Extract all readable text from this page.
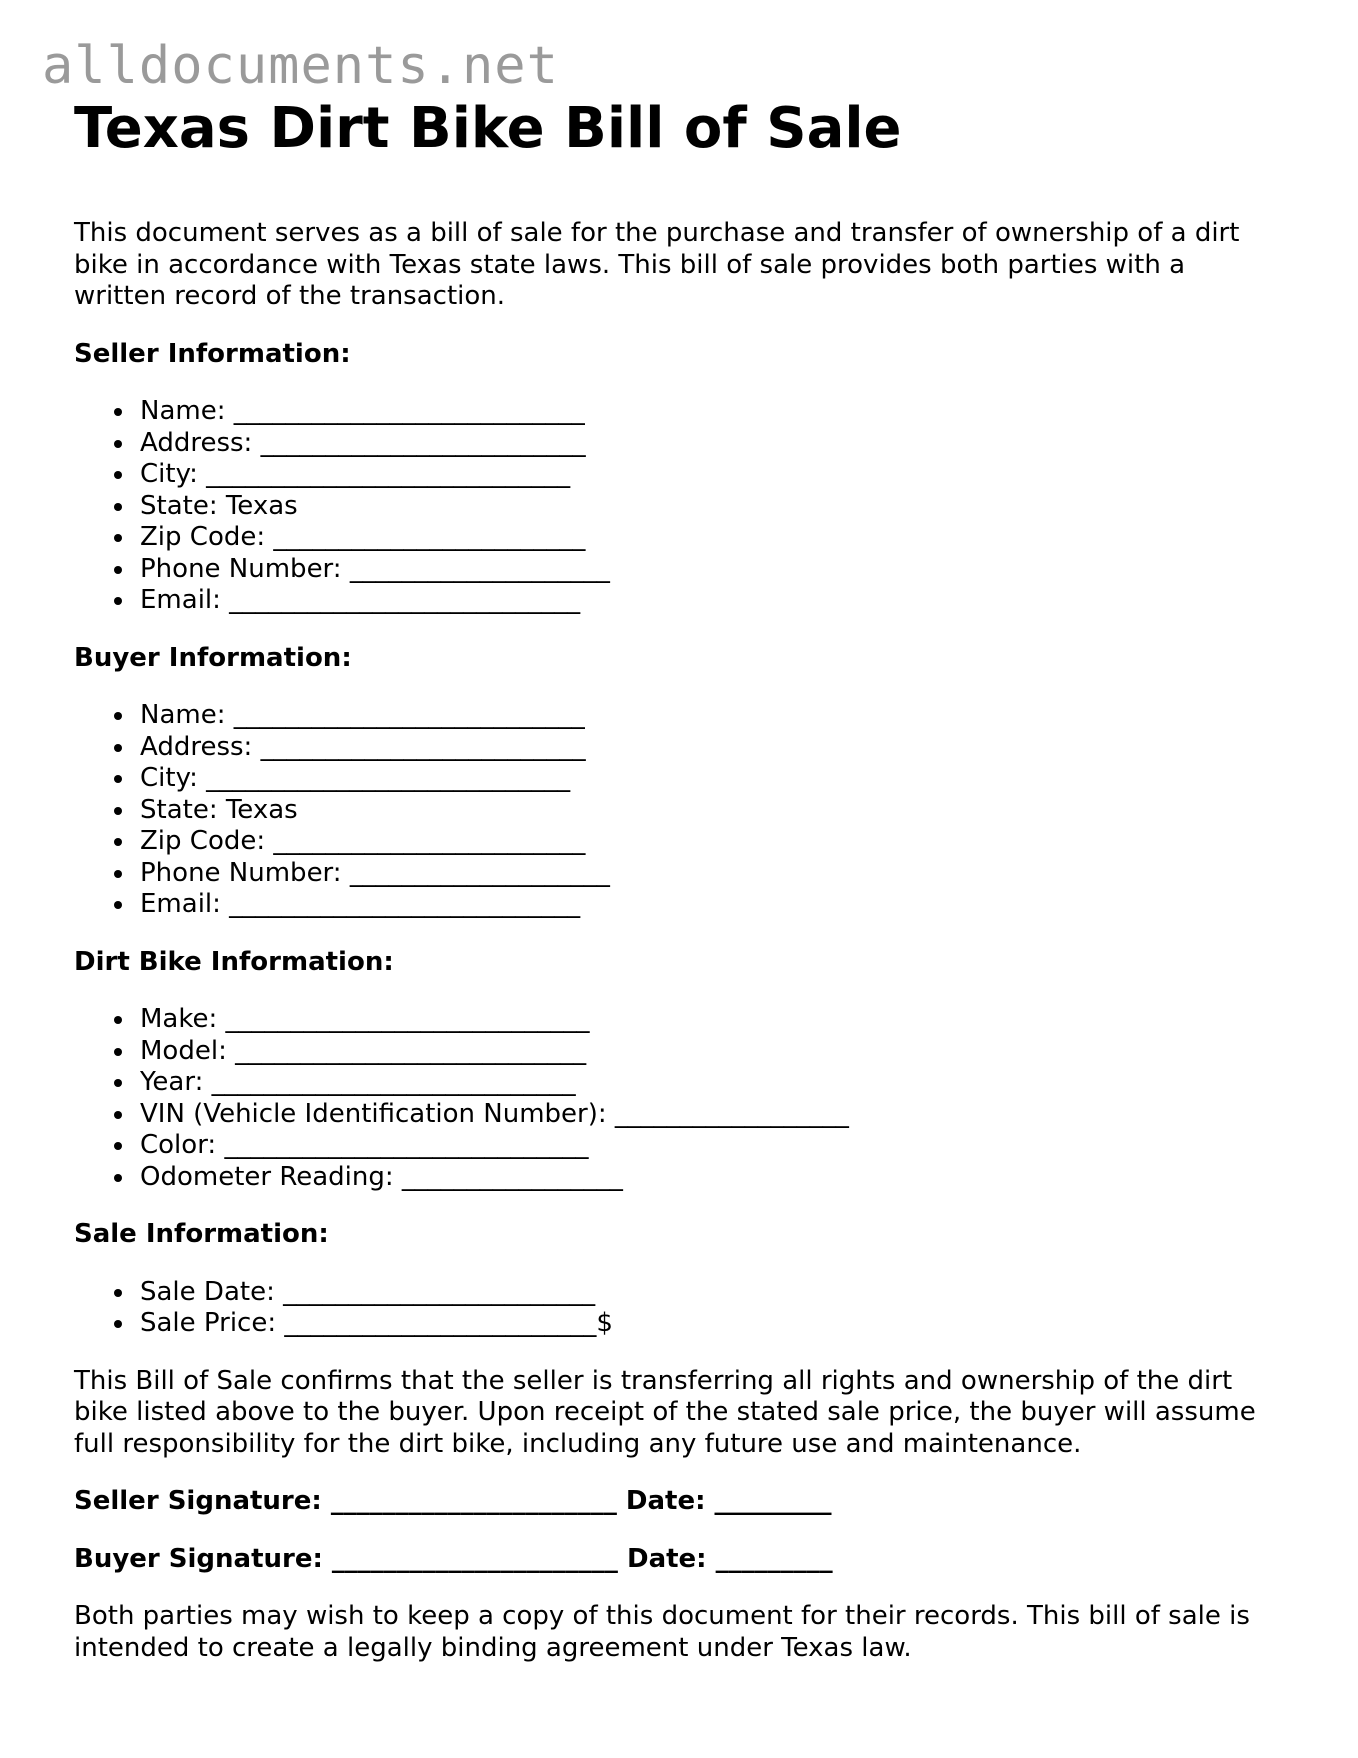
alldocuments.net
Texas Dirt Bike Bill of Sale

This document serves as a bill of sale for the purchase and transfer of ownership of a dirt bike in accordance with Texas state laws. This bill of sale provides both parties with a written record of the transaction.

Seller Information:
Name: ___________________________
Address: _________________________
City: ____________________________
State: Texas
Zip Code: ________________________
Phone Number: ____________________
Email: ___________________________
Buyer Information:
Name: ___________________________
Address: _________________________
City: ____________________________
State: Texas
Zip Code: ________________________
Phone Number: ____________________
Email: ___________________________
Dirt Bike Information:
Make: ____________________________
Model: ___________________________
Year: ____________________________
VIN (Vehicle Identification Number): __________________
Color: ____________________________
Odometer Reading: _________________
Sale Information:
Sale Date: ________________________
Sale Price: ________________________$

This Bill of Sale confirms that the seller is transferring all rights and ownership of the dirt bike listed above to the buyer. Upon receipt of the stated sale price, the buyer will assume full responsibility for the dirt bike, including any future use and maintenance.

Seller Signature: ______________________ Date: _________
Buyer Signature: ______________________ Date: _________

Both parties may wish to keep a copy of this document for their records. This bill of sale is intended to create a legally binding agreement under Texas law.
